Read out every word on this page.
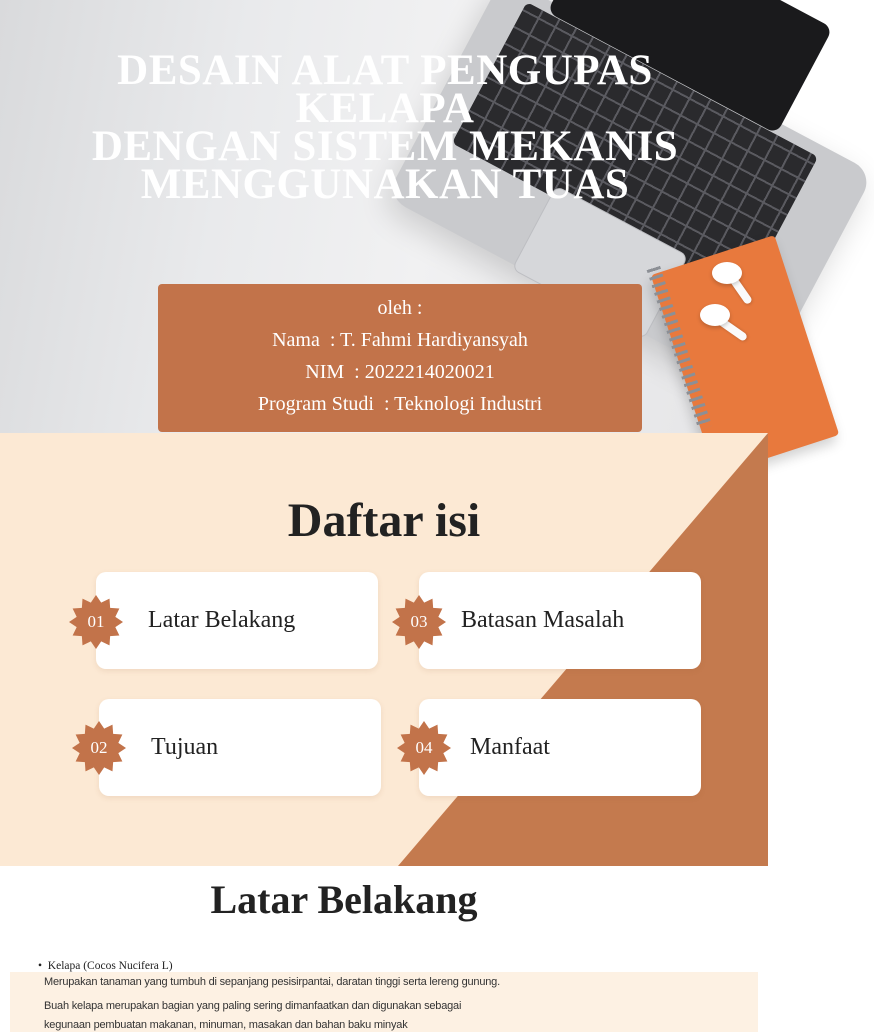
DESAIN ALAT PENGUPAS
KELAPA
DENGAN SISTEM MEKANIS
MENGGUNAKAN TUAS
oleh :
Nama  : T. Fahmi Hardiyansyah
NIM  : 2022214020021
Program Studi  : Teknologi Industri
Daftar isi
Latar Belakang	Batasan Masalah
Tujuan	Manfaat
01	03
02	04
Latar Belakang
•  Kelapa (Cocos Nucifera L)

Merupakan tanaman yang tumbuh di sepanjang pesisirpantai, daratan tinggi serta lereng gunung.

Buah kelapa merupakan bagian yang paling sering dimanfaatkan dan digunakan sebagai

kegunaan pembuatan makanan, minuman, masakan dan bahan baku minyak
